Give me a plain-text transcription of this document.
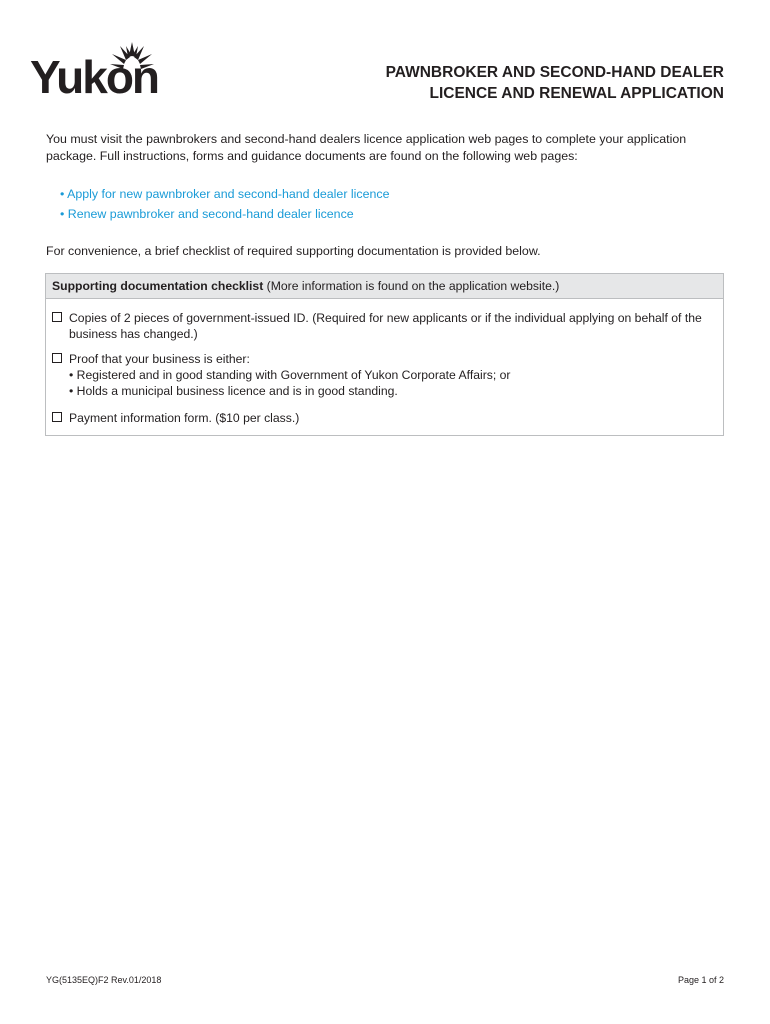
Yukon	PAWNBROKER AND SECOND-HAND DEALER
LICENCE AND RENEWAL APPLICATION

You must visit the pawnbrokers and second-hand dealers licence application web pages to complete your application package. Full instructions, forms and guidance documents are found on the following web pages:

• Apply for new pawnbroker and second-hand dealer licence
• Renew pawnbroker and second-hand dealer licence

For convenience, a brief checklist of required supporting documentation is provided below.

Supporting documentation checklist (More information is found on the application website.)
Copies of 2 pieces of government-issued ID. (Required for new applicants or if the individual applying on behalf of the business has changed.)
Proof that your business is either:
• Registered and in good standing with Government of Yukon Corporate Affairs; or
• Holds a municipal business licence and is in good standing.
Payment information form. ($10 per class.)
YG(5135EQ)F2 Rev.01/2018	Page 1 of 2
